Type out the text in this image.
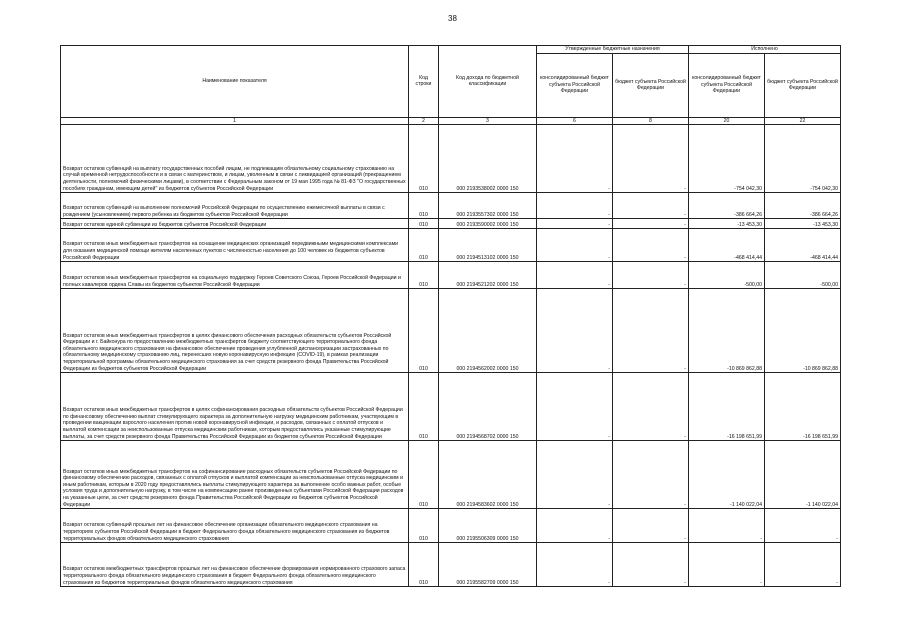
38
Наименование показателя	Код строки	Код дохода по бюджетной классификации	Утвержденные бюджетные назначения		Исполнено	
			консолидированный бюджет субъекта Российской Федерации	бюджет субъекта Российской Федерации	консолидированный бюджет субъекта Российской Федерации	бюджет субъекта Российской Федерации
1	2	3	6	8	20	22
Возврат остатков субвенций на выплату государственных пособий лицам, не подлежащим обязательному социальному страхованию на случай временной нетрудоспособности и в связи с материнством, и лицам, уволенным в связи с ликвидацией организаций (прекращением деятельности, полномочий физическими лицами), в соответствии с Федеральным законом от 19 мая 1995 года № 81-ФЗ "О государственных пособиях гражданам, имеющим детей" из бюджетов субъектов Российской Федерации	010	000 2193538002 0000 150	-	-	-754 042,30	-754 042,30
Возврат остатков субвенций на выполнение полномочий Российской Федерации по осуществлению ежемесячной выплаты в связи с рождением (усыновлением) первого ребенка из бюджетов субъектов Российской Федерации	010	000 2193557302 0000 150	-	-	-386 664,26	-386 664,26
Возврат остатков единой субвенции из бюджетов субъектов Российской Федерации	010	000 2193590002 0000 150	-	-	-13 453,30	-13 453,30
Возврат остатков иных межбюджетных трансфертов на оснащение медицинских организаций передвижными медицинскими комплексами для оказания медицинской помощи жителям населенных пунктов с численностью населения до 100 человек из бюджетов субъектов Российской Федерации	010	000 2194513102 0000 150	-	-	-468 414,44	-468 414,44
Возврат остатков иных межбюджетных трансфертов на социальную поддержку Героев Советского Союза, Героев Российской Федерации и полных кавалеров ордена Славы из бюджетов субъектов Российской Федерации	010	000 2194521202 0000 150	-	-	-500,00	-500,00
Возврат остатков иных межбюджетных трансфертов в целях финансового обеспечения расходных обязательств субъектов Российской Федерации и г. Байконура по предоставлению межбюджетных трансфертов бюджету соответствующего территориального фонда обязательного медицинского страхования на финансовое обеспечение проведения углубленной диспансеризации застрахованных по обязательному медицинскому страхованию лиц, перенесших новую коронавирусную инфекцию (COVID-19), в рамках реализации территориальной программы обязательного медицинского страхования за счет средств резервного фонда Правительства Российской Федерации из бюджетов субъектов Российской Федерации	010	000 2194562002 0000 150	-	-	-10 869 862,88	-10 869 862,88
Возврат остатков иных межбюджетных трансфертов в целях софинансирования расходных обязательств субъектов Российской Федерации по финансовому обеспечению выплат стимулирующего характера за дополнительную нагрузку медицинским работникам, участвующим в проведении вакцинации взрослого населения против новой коронавирусной инфекции, и расходов, связанных с оплатой отпусков и выплатой компенсации за неиспользованные отпуска медицинским работникам, которым предоставлялись указанные стимулирующие выплаты, за счет средств резервного фонда Правительства Российской Федерации из бюджетов субъектов Российской Федерации	010	000 2194568702 0000 150	-	-	-16 198 651,99	-16 198 651,99
Возврат остатков иных межбюджетных трансфертов на софинансирование расходных обязательств субъектов Российской Федерации по финансовому обеспечению расходов, связанных с оплатой отпусков и выплатой компенсации за неиспользованные отпуска медицинским и иным работникам, которым в 2020 году предоставлялись выплаты стимулирующего характера за выполнение особо важных работ, особые условия труда и дополнительную нагрузку, в том числе на компенсацию ранее произведенных субъектами Российской Федерации расходов на указанные цели, за счет средств резервного фонда Правительства Российской Федерации из бюджетов субъектов Российской Федерации	010	000 2194583602 0000 150	-	-	-1 140 022,04	-1 140 022,04
Возврат остатков субвенций прошлых лет на финансовое обеспечение организации обязательного медицинского страхования на территориях субъектов Российской Федерации в бюджет Федерального фонда обязательного медицинского страхования из бюджетов территориальных фондов обязательного медицинского страхования	010	000 2195506309 0000 150	-	-	-	-
Возврат остатков межбюджетных трансфертов прошлых лет на финансовое обеспечение формирования нормированного страхового запаса территориального фонда обязательного медицинского страхования в бюджет Федерального фонда обязательного медицинского страхования из бюджетов территориальных фондов обязательного медицинского страхования	010	000 2195582709 0000 150	-	-	-	-
